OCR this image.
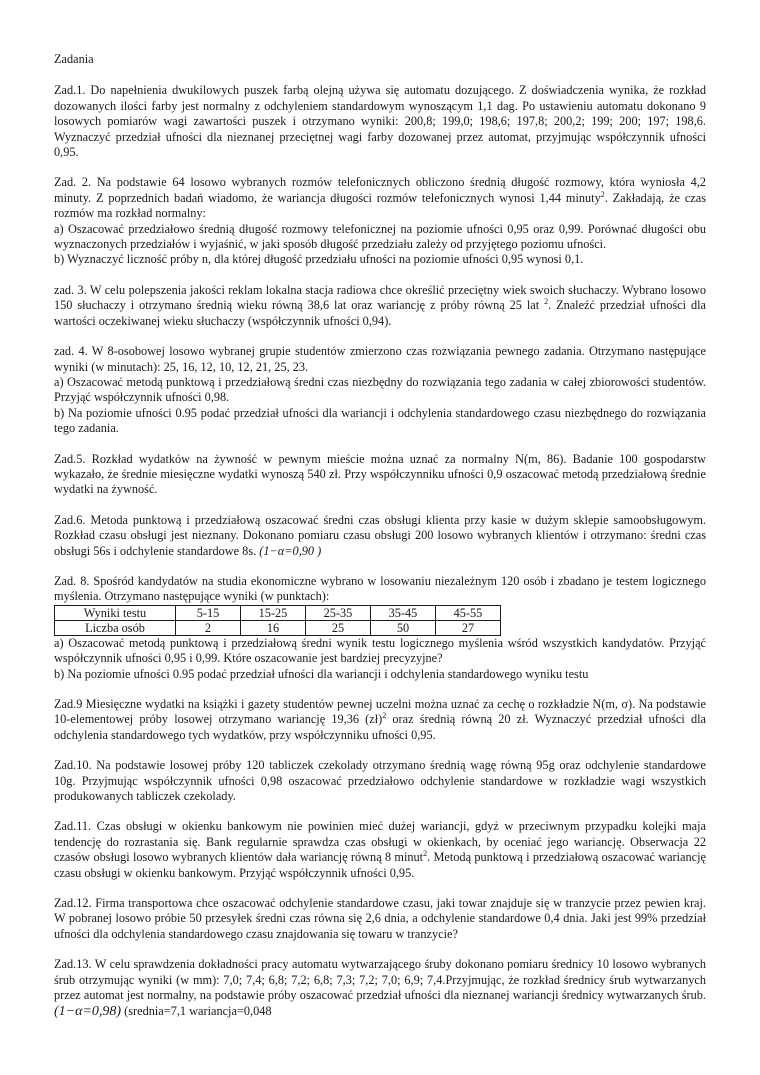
Zadania

Zad.1. Do napełnienia dwukilowych puszek farbą olejną używa się automatu dozującego. Z doświadczenia wynika, że rozkład dozowanych ilości farby jest normalny z odchyleniem standardowym wynoszącym 1,1 dag. Po ustawieniu automatu dokonano 9 losowych pomiarów wagi zawartości puszek i otrzymano wyniki: 200,8; 199,0; 198,6; 197,8; 200,2; 199; 200; 197; 198,6. Wyznaczyć przedział ufności dla nieznanej przeciętnej wagi farby dozowanej przez automat, przyjmując współczynnik ufności 0,95.

Zad. 2. Na podstawie 64 losowo wybranych rozmów telefonicznych obliczono średnią długość rozmowy, która wyniosła 4,2 minuty. Z poprzednich badań wiadomo, że wariancja długości rozmów telefonicznych wynosi 1,44 minuty$^2$. Zakładają, że czas rozmów ma rozkład normalny:

a) Oszacować przedziałowo średnią długość rozmowy telefonicznej na poziomie ufności 0,95 oraz 0,99. Porównać długości obu wyznaczonych przedziałów i wyjaśnić, w jaki sposób długość przedziału zależy od przyjętego poziomu ufności.

b) Wyznaczyć liczność próby n, dla której długość przedziału ufności na poziomie ufności 0,95 wynosi 0,1.

zad. 3. W celu polepszenia jakości reklam lokalna stacja radiowa chce określić przeciętny wiek swoich słuchaczy. Wybrano losowo 150 słuchaczy i otrzymano średnią wieku równą 38,6 lat oraz wariancję z próby równą 25 lat $^2$. Znaleźć przedział ufności dla wartości oczekiwanej wieku słuchaczy (współczynnik ufności 0,94).

zad. 4. W 8-osobowej losowo wybranej grupie studentów zmierzono czas rozwiązania pewnego zadania. Otrzymano następujące wyniki (w minutach): 25, 16, 12, 10, 12, 21, 25, 23.

a) Oszacować metodą punktową i przedziałową średni czas niezbędny do rozwiązania tego zadania w całej zbiorowości studentów. Przyjąć współczynnik ufności 0,98.

b) Na poziomie ufności 0.95 podać przedział ufności dla wariancji i odchylenia standardowego czasu niezbędnego do rozwiązania tego zadania.

Zad.5. Rozkład wydatków na żywność w pewnym mieście można uznać za normalny N(m, 86). Badanie 100 gospodarstw wykazało, że średnie miesięczne wydatki wynoszą 540 zł. Przy współczynniku ufności 0,9 oszacować metodą przedziałową średnie wydatki na żywność.

Zad.6. Metoda punktową i przedziałową oszacować średni czas obsługi klienta przy kasie w dużym sklepie samoobsługowym. Rozkład czasu obsługi jest nieznany. Dokonano pomiaru czasu obsługi 200 losowo wybranych klientów i otrzymano: średni czas obsługi 56s i odchylenie standardowe 8s. (1−α=0,90 )

Zad. 8. Spośród kandydatów na studia ekonomiczne wybrano w losowaniu niezależnym 120 osób i zbadano je testem logicznego myślenia. Otrzymano następujące wyniki (w punktach):

Wyniki testu	5-15	15-25	25-35	35-45	45-55
Liczba osób	2	16	25	50	27

a) Oszacować metodą punktową i przedziałową średni wynik testu logicznego myślenia wśród wszystkich kandydatów. Przyjąć współczynnik ufności 0,95 i 0,99. Które oszacowanie jest bardziej precyzyjne?

b) Na poziomie ufności 0.95 podać przedział ufności dla wariancji i odchylenia standardowego wyniku testu

Zad.9 Miesięczne wydatki na książki i gazety studentów pewnej uczelni można uznać za cechę o rozkładzie N(m, σ). Na podstawie 10-elementowej próby losowej otrzymano wariancję 19,36 (zł)$^2$ oraz średnią równą 20 zł. Wyznaczyć przedział ufności dla odchylenia standardowego tych wydatków, przy współczynniku ufności 0,95.

Zad.10. Na podstawie losowej próby 120 tabliczek czekolady otrzymano średnią wagę równą 95g oraz odchylenie standardowe 10g. Przyjmując współczynnik ufności 0,98 oszacować przedziałowo odchylenie standardowe w rozkładzie wagi wszystkich produkowanych tabliczek czekolady.

Zad.11. Czas obsługi w okienku bankowym nie powinien mieć dużej wariancji, gdyż w przeciwnym przypadku kolejki maja tendencję do rozrastania się. Bank regularnie sprawdza czas obsługi w okienkach, by oceniać jego wariancję. Obserwacja 22 czasów obsługi losowo wybranych klientów dała wariancję równą 8 minut$^2$. Metodą punktową i przedziałową oszacować wariancję czasu obsługi w okienku bankowym. Przyjąć współczynnik ufności 0,95.

Zad.12. Firma transportowa chce oszacować odchylenie standardowe czasu, jaki towar znajduje się w tranzycie przez pewien kraj. W pobranej losowo próbie 50 przesyłek średni czas równa się 2,6 dnia, a odchylenie standardowe 0,4 dnia. Jaki jest 99% przedział ufności dla odchylenia standardowego czasu znajdowania się towaru w tranzycie?

Zad.13. W celu sprawdzenia dokładności pracy automatu wytwarzającego śruby dokonano pomiaru średnicy 10 losowo wybranych śrub otrzymując wyniki (w mm): 7,0; 7,4; 6,8; 7,2; 6,8; 7,3; 7,2; 7,0; 6,9; 7,4.Przyjmując, że rozkład średnicy śrub wytwarzanych przez automat jest normalny, na podstawie próby oszacować przedział ufności dla nieznanej wariancji średnicy wytwarzanych śrub. (1−α=0,98) (srednia=7,1 wariancja=0,048
